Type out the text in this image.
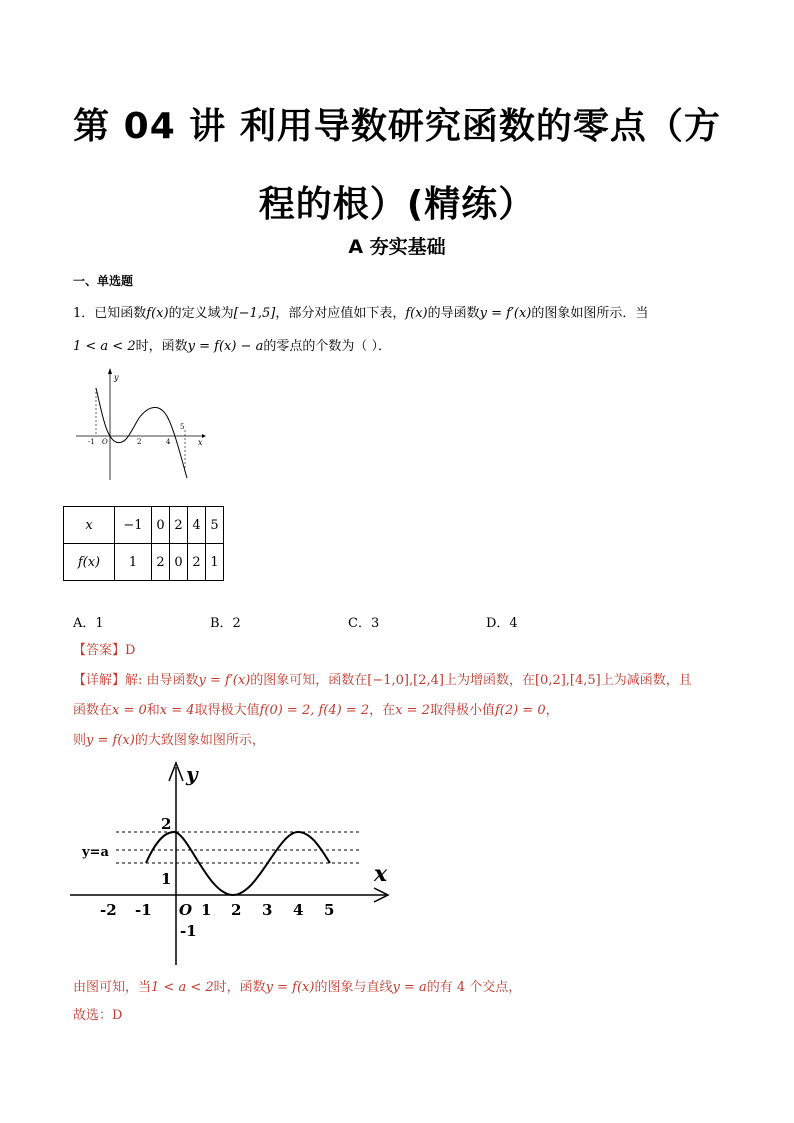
第 04 讲 利用导数研究函数的零点（方程的根）(精练）
A 夯实基础
一、单选题
1．已知函数f(x)的定义域为[−1,5]，部分对应值如下表，f(x)的导函数y = f′(x)的图象如图所示．当
1 < a < 2时，函数y = f(x) − a的零点的个数为（ ）．
y
x
O
-1	2	4
5
x	−1	0	2	4	5
f(x)	1	2	0	2	1
A．1	B．2	C．3	D．4
【答案】D
【详解】解: 由导函数y = f′(x)的图象可知，函数在[−1,0],[2,4]上为增函数，在[0,2],[4,5]上为减函数，且
函数在x = 0和x = 4取得极大值f(0) = 2, f(4) = 2，在x = 2取得极小值f(2) = 0，
则y = f(x)的大致图象如图所示，
y
x
y=a
O
-2 -1	1 2 3 4 5
2
1
-1
由图可知，当1 < a < 2时，函数y = f(x)的图象与直线y = a的有 4 个交点，
故选：D
